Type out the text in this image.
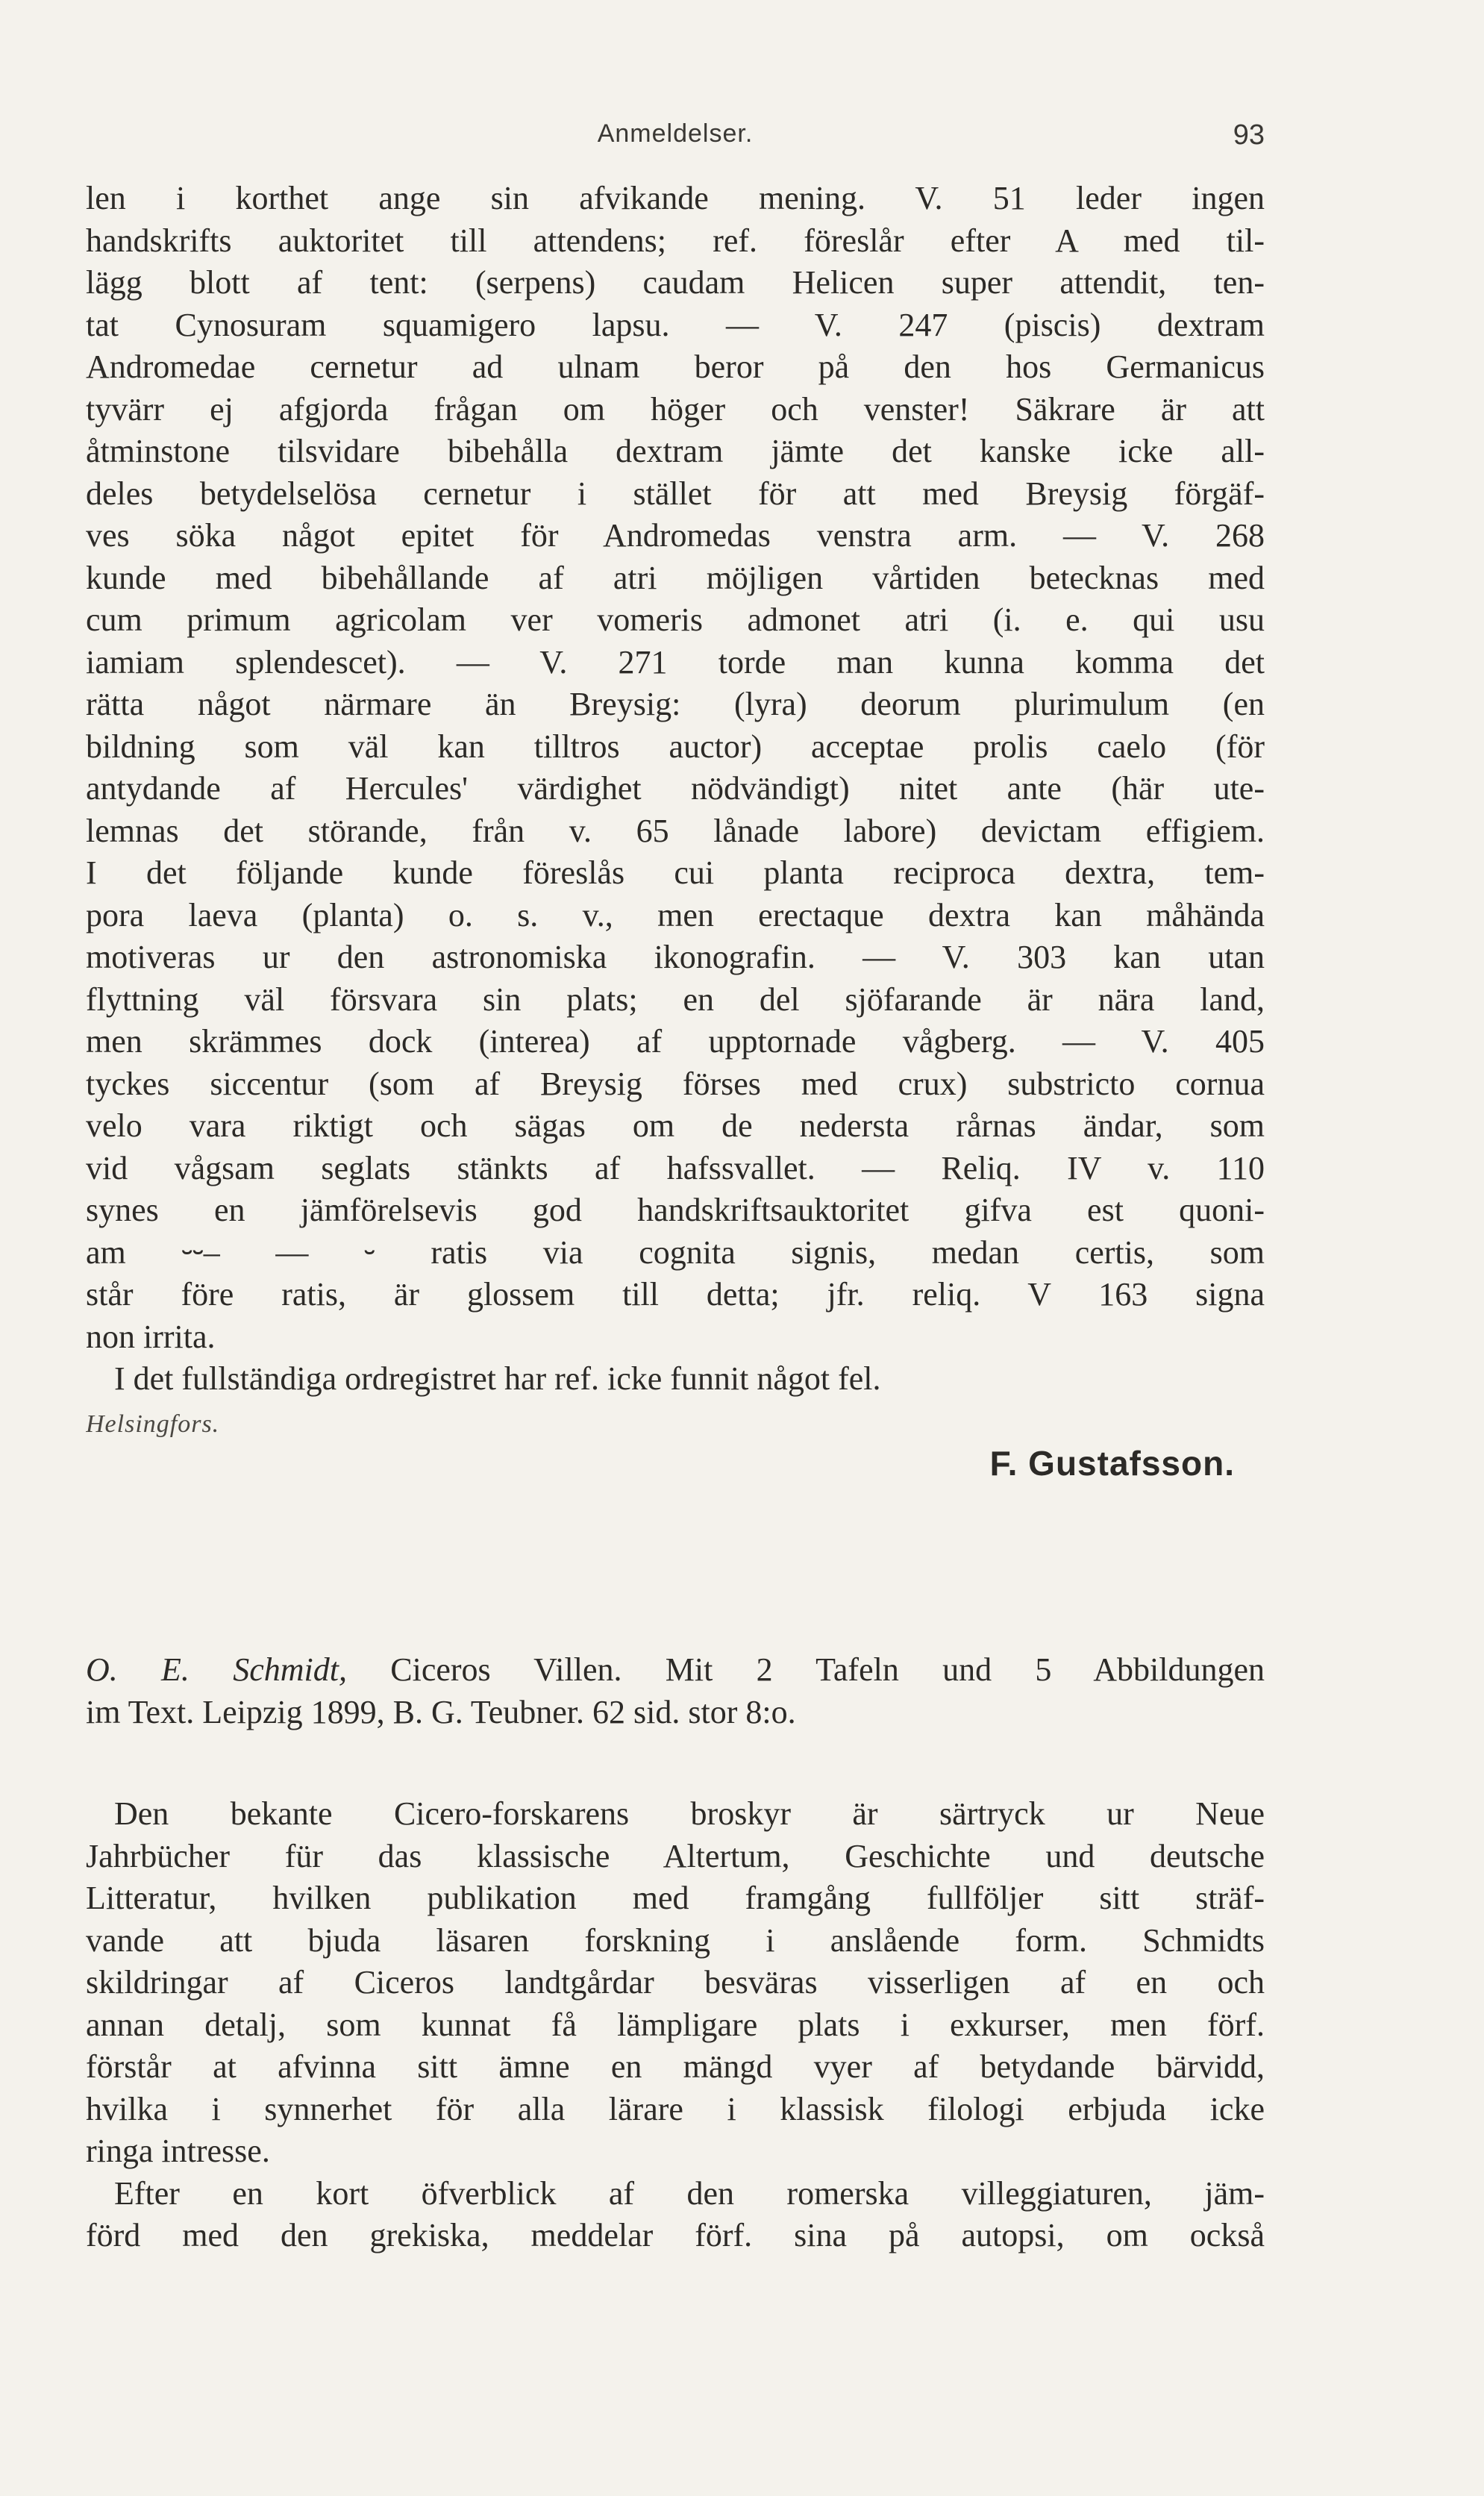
Anmeldelser.	93
len i korthet ange sin afvikande mening. V. 51 leder ingen
handskrifts auktoritet till attendens; ref. föreslår efter A med til-
lägg blott af tent: (serpens) caudam Helicen super attendit, ten-
tat Cynosuram squamigero lapsu. — V. 247 (piscis) dextram
Andromedae cernetur ad ulnam beror på den hos Germanicus
tyvärr ej afgjorda frågan om höger och venster! Säkrare är att
åtminstone tilsvidare bibehålla dextram jämte det kanske icke all-
deles betydelselösa cernetur i stället för att med Breysig förgäf-
ves söka något epitet för Andromedas venstra arm. — V. 268
kunde med bibehållande af atri möjligen vårtiden betecknas med
cum primum agricolam ver vomeris admonet atri (i. e. qui usu
iamiam splendescet). — V. 271 torde man kunna komma det
rätta något närmare än Breysig: (lyra) deorum plurimulum (en
bildning som väl kan tilltros auctor) acceptae prolis caelo (för
antydande af Hercules' värdighet nödvändigt) nitet ante (här ute-
lemnas det störande, från v. 65 lånade labore) devictam effigiem.
I det följande kunde föreslås cui planta reciproca dextra, tem-
pora laeva (planta) o. s. v., men erectaque dextra kan måhända
motiveras ur den astronomiska ikonografin. — V. 303 kan utan
flyttning väl försvara sin plats; en del sjöfarande är nära land,
men skrämmes dock (interea) af upptornade vågberg. — V. 405
tyckes siccentur (som af Breysig förses med crux) substricto cornua
velo vara riktigt och sägas om de nedersta rårnas ändar, som
vid vågsam seglats stänkts af hafssvallet. — Reliq. IV v. 110
synes en jämförelsevis god handskriftsauktoritet gifva est quoni-
am ⏑⏑– — ⏑ ratis via cognita signis, medan certis, som
står före ratis, är glossem till detta; jfr. reliq. V 163 signa
non irrita.
I det fullständiga ordregistret har ref. icke funnit något fel.
Helsingfors.
F. Gustafsson.
O. E. Schmidt, Ciceros Villen. Mit 2 Tafeln und 5 Abbildungen
im Text. Leipzig 1899, B. G. Teubner. 62 sid. stor 8:o.
Den bekante Cicero-forskarens broskyr är särtryck ur Neue
Jahrbücher für das klassische Altertum, Geschichte und deutsche
Litteratur, hvilken publikation med framgång fullföljer sitt sträf-
vande att bjuda läsaren forskning i anslående form. Schmidts
skildringar af Ciceros landtgårdar besväras visserligen af en och
annan detalj, som kunnat få lämpligare plats i exkurser, men förf.
förstår at afvinna sitt ämne en mängd vyer af betydande bärvidd,
hvilka i synnerhet för alla lärare i klassisk filologi erbjuda icke
ringa intresse.
Efter en kort öfverblick af den romerska villeggiaturen, jäm-
förd med den grekiska, meddelar förf. sina på autopsi, om också
